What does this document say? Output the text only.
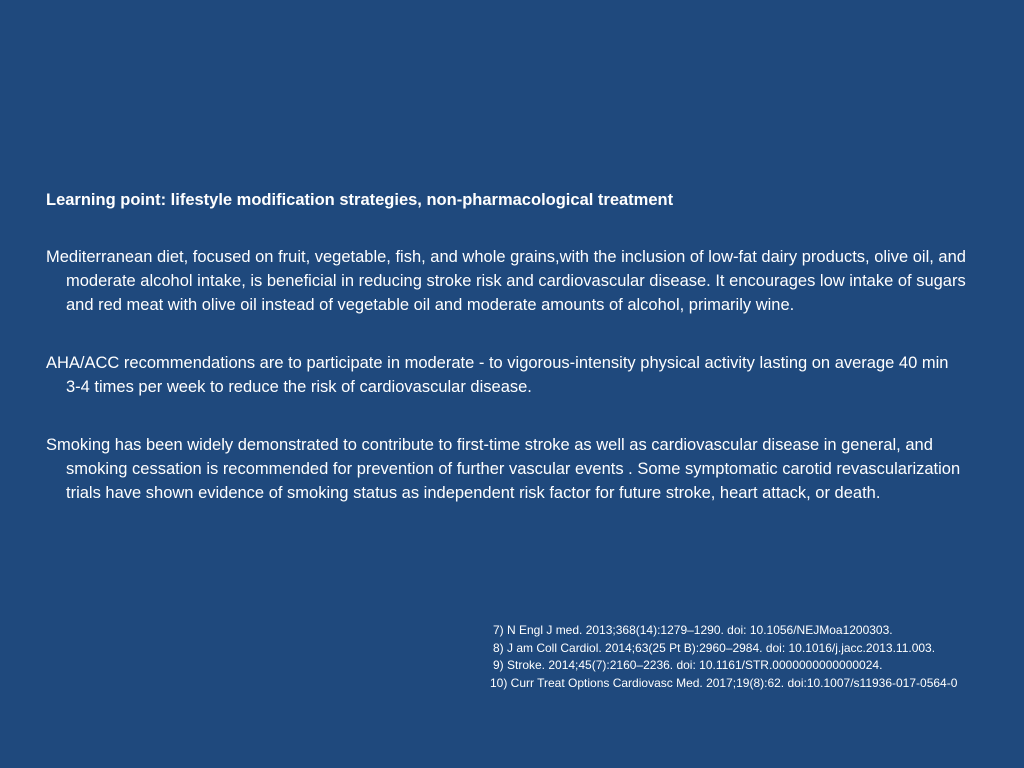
Learning point: lifestyle modification strategies, non-pharmacological treatment

Mediterranean diet, focused on fruit, vegetable, fish, and whole grains,with the inclusion of low-fat dairy products, olive oil, and moderate alcohol intake, is beneficial in reducing stroke risk and cardiovascular disease. It encourages low intake of sugars and red meat with olive oil instead of vegetable oil and moderate amounts of alcohol, primarily wine.

AHA/ACC recommendations are to participate in moderate - to vigorous-intensity physical activity lasting on average 40 min 3-4 times per week to reduce the risk of cardiovascular disease.

Smoking has been widely demonstrated to contribute to first-time stroke as well as cardiovascular disease in general, and smoking cessation is recommended for prevention of further vascular events . Some symptomatic carotid revascularization trials have shown evidence of smoking status as independent risk factor for future stroke, heart attack, or death.

7) N Engl J med. 2013;368(14):1279–1290. doi: 10.1056/NEJMoa1200303.

8) J am Coll Cardiol. 2014;63(25 Pt B):2960–2984. doi: 10.1016/j.jacc.2013.11.003.

9) Stroke. 2014;45(7):2160–2236. doi: 10.1161/STR.0000000000000024.

10) Curr Treat Options Cardiovasc Med. 2017;19(8):62. doi:10.1007/s11936-017-0564-0
